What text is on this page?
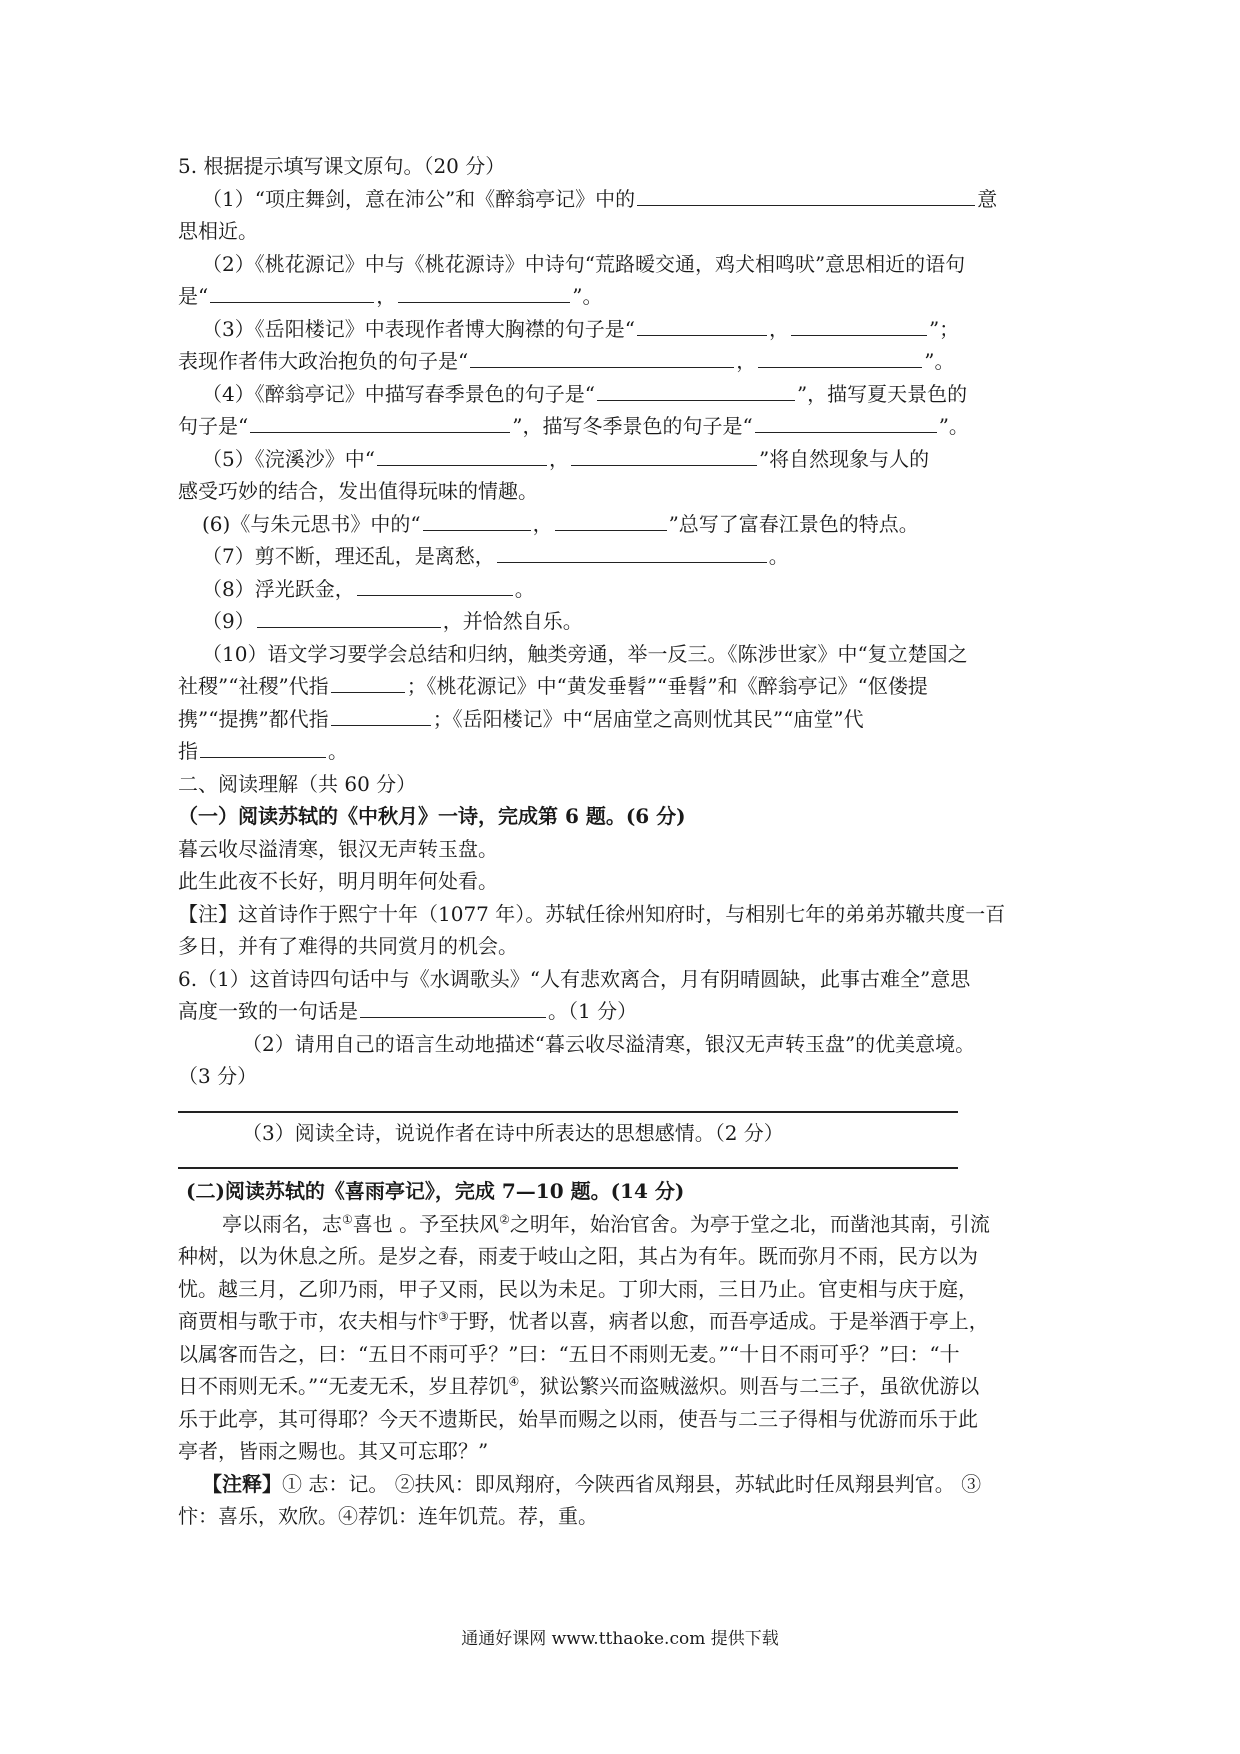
5. 根据提示填写课文原句。（20 分）
（1）“项庄舞剑，意在沛公”和《醉翁亭记》中的	意
思相近。
（2）《桃花源记》中与《桃花源诗》中诗句“荒路暧交通，鸡犬相鸣吠”意思相近的语句
是“	，	”。
（3）《岳阳楼记》中表现作者博大胸襟的句子是“	，	”；
表现作者伟大政治抱负的句子是“	，	”。
（4）《醉翁亭记》中描写春季景色的句子是“	”，描写夏天景色的
句子是“	”，描写冬季景色的句子是“	”。
（5）《浣溪沙》中“	，	”将自然现象与人的
感受巧妙的结合，发出值得玩味的情趣。
(6)《与朱元思书》中的“	，	”总写了富春江景色的特点。
（7）剪不断，理还乱，是离愁，	。
（8）浮光跃金，	。
（9）	，并恰然自乐。
（10）语文学习要学会总结和归纳，触类旁通，举一反三。《陈涉世家》中“复立楚国之
社稷”“社稷”代指	；《桃花源记》中“黄发垂髫”“垂髫”和《醉翁亭记》“伛偻提
携”“提携”都代指	；《岳阳楼记》中“居庙堂之高则忧其民”“庙堂”代
指	。
二、阅读理解（共 60 分）
（一）阅读苏轼的《中秋月》一诗，完成第 6 题。(6 分)
暮云收尽溢清寒，银汉无声转玉盘。
此生此夜不长好，明月明年何处看。
【注】这首诗作于熙宁十年（1077 年）。苏轼任徐州知府时，与相别七年的弟弟苏辙共度一百
多日，并有了难得的共同赏月的机会。
6.（1）这首诗四句话中与《水调歌头》“人有悲欢离合，月有阴晴圆缺，此事古难全”意思
高度一致的一句话是	。（1 分）
（2）请用自己的语言生动地描述“暮云收尽溢清寒，银汉无声转玉盘”的优美意境。
（3 分）
（3）阅读全诗，说说作者在诗中所表达的思想感情。（2 分）
(二)阅读苏轼的《喜雨亭记》，完成 7—10 题。(14 分)
亭以雨名，志①喜也 。予至扶风②之明年，始治官舍。为亭于堂之北，而凿池其南，引流
种树，以为休息之所。是岁之春，雨麦于岐山之阳，其占为有年。既而弥月不雨，民方以为
忧。越三月，乙卯乃雨，甲子又雨，民以为未足。丁卯大雨，三日乃止。官吏相与庆于庭，
商贾相与歌于市，农夫相与忭③于野，忧者以喜，病者以愈，而吾亭适成。于是举酒于亭上，
以属客而告之，曰：“五日不雨可乎？”曰：“五日不雨则无麦。”“十日不雨可乎？”曰：“十
日不雨则无禾。”“无麦无禾，岁且荐饥④，狱讼繁兴而盗贼滋炽。则吾与二三子，虽欲优游以
乐于此亭，其可得耶？今天不遗斯民，始旱而赐之以雨，使吾与二三子得相与优游而乐于此
亭者，皆雨之赐也。其又可忘耶？”
【注释】① 志：记。 ②扶风：即凤翔府，今陕西省凤翔县，苏轼此时任凤翔县判官。 ③
忭：喜乐，欢欣。④荐饥：连年饥荒。荐，重。
通通好课网 www.tthaoke.com 提供下载
